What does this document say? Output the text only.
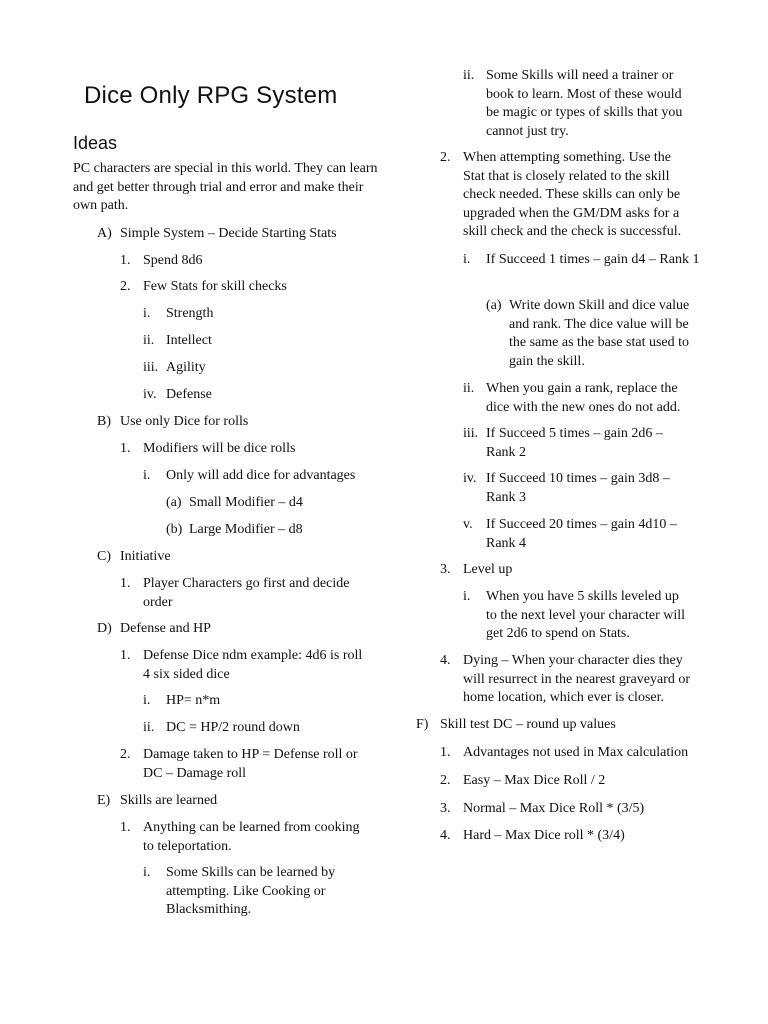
Dice Only RPG System
Ideas

PC characters are special in this world. They can learn and get better through trial and error and make their own path.

A) Simple System – Decide Starting Stats
1. Spend 8d6
2. Few Stats for skill checks
i.	Strength
ii. Intellect
iii. Agility
iv. Defense
B) Use only Dice for rolls
1. Modifiers will be dice rolls
i.	Only will add dice for advantages
(a) Small Modifier – d4
(b) Large Modifier – d8
C) Initiative
1. Player Characters go first and decide order
D) Defense and HP
1. Defense Dice ndm example: 4d6 is roll 4 six sided dice
i.	HP= n*m
ii. DC = HP/2 round down
2. Damage taken to HP = Defense roll or DC – Damage roll
E) Skills are learned
1. Anything can be learned from cooking to teleportation.
i.	Some Skills can be learned by attempting. Like Cooking or Blacksmithing.
ii. Some Skills will need a trainer or book to learn. Most of these would be magic or types of skills that you cannot just try.
2. When attempting something. Use the Stat that is closely related to the skill check needed. These skills can only be upgraded when the GM/DM asks for a skill check and the check is successful.
i.	If Succeed 1 times – gain d4 – Rank 1
(a) Write down Skill and dice value and rank. The dice value will be the same as the base stat used to gain the skill.
ii. When you gain a rank, replace the dice with the new ones do not add.
iii. If Succeed 5 times – gain 2d6 – Rank 2
iv. If Succeed 10 times – gain 3d8 – Rank 3
v. If Succeed 20 times – gain 4d10 – Rank 4
3. Level up
i.	When you have 5 skills leveled up to the next level your character will get 2d6 to spend on Stats.
4. Dying – When your character dies they will resurrect in the nearest graveyard or home location, which ever is closer.
F) Skill test DC – round up values
1. Advantages not used in Max calculation
2. Easy – Max Dice Roll / 2
3. Normal – Max Dice Roll * (3/5)
4. Hard – Max Dice roll * (3/4)
